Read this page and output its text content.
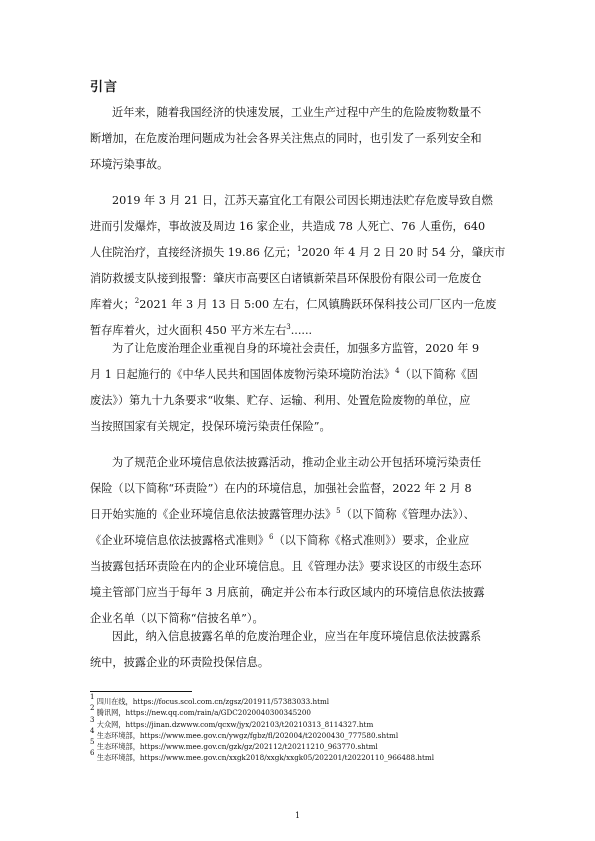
引言
近年来，随着我国经济的快速发展，工业生产过程中产生的危险废物数量不
断增加，在危废治理问题成为社会各界关注焦点的同时，也引发了一系列安全和
环境污染事故。
2019 年 3 月 21 日，江苏天嘉宜化工有限公司因长期违法贮存危废导致自燃
进而引发爆炸，事故波及周边 16 家企业，共造成 78 人死亡、76 人重伤，640
人住院治疗，直接经济损失 19.86 亿元；$^1$2020 年 4 月 2 日 20 时 54 分，肇庆市
消防救援支队接到报警：肇庆市高要区白诸镇新荣昌环保股份有限公司一危废仓
库着火；$^2$2021 年 3 月 13 日 5:00 左右，仁风镇腾跃环保科技公司厂区内一危废
暂存库着火，过火面积 450 平方米左右$^3$......
为了让危废治理企业重视自身的环境社会责任，加强多方监管，2020 年 9
月 1 日起施行的《中华人民共和国固体废物污染环境防治法》$^4$（以下简称《固
废法》）第九十九条要求“收集、贮存、运输、利用、处置危险废物的单位，应
当按照国家有关规定，投保环境污染责任保险”。
为了规范企业环境信息依法披露活动，推动企业主动公开包括环境污染责任
保险（以下简称“环责险”）在内的环境信息，加强社会监督，2022 年 2 月 8
日开始实施的《企业环境信息依法披露管理办法》$^5$（以下简称《管理办法》）、
《企业环境信息依法披露格式准则》$^6$（以下简称《格式准则》）要求，企业应
当披露包括环责险在内的企业环境信息。且《管理办法》要求设区的市级生态环
境主管部门应当于每年 3 月底前，确定并公布本行政区域内的环境信息依法披露
企业名单（以下简称“信披名单”）。
因此，纳入信息披露名单的危废治理企业，应当在年度环境信息依法披露系
统中，披露企业的环责险投保信息。
$^1$ 四川在线，https://focus.scol.com.cn/zgsz/201911/57383033.html
$^2$ 腾讯网，https://new.qq.com/rain/a/GDC2020040300345200
$^3$ 大众网，https://jinan.dzwww.com/qcxw/jyx/202103/t20210313_8114327.htm
$^4$ 生态环境部，https://www.mee.gov.cn/ywgz/fgbz/fl/202004/t20200430_777580.shtml
$^5$ 生态环境部，https://www.mee.gov.cn/gzk/gz/202112/t20211210_963770.shtml
$^6$ 生态环境部，https://www.mee.gov.cn/xxgk2018/xxgk/xxgk05/202201/t20220110_966488.html
1
